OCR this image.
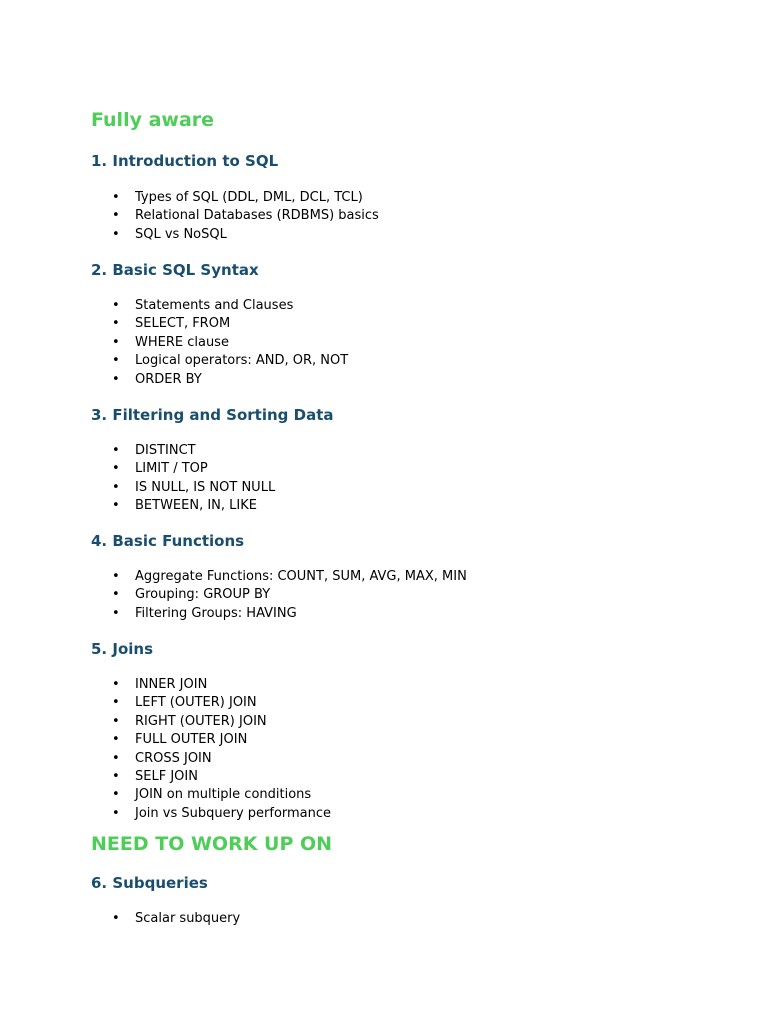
Fully aware
1. Introduction to SQL
• Types of SQL (DDL, DML, DCL, TCL)
• Relational Databases (RDBMS) basics
• SQL vs NoSQL
2. Basic SQL Syntax
• Statements and Clauses
• SELECT, FROM
• WHERE clause
• Logical operators: AND, OR, NOT
• ORDER BY
3. Filtering and Sorting Data
• DISTINCT
• LIMIT / TOP
• IS NULL, IS NOT NULL
• BETWEEN, IN, LIKE
4. Basic Functions
• Aggregate Functions: COUNT, SUM, AVG, MAX, MIN
• Grouping: GROUP BY
• Filtering Groups: HAVING
5. Joins
• INNER JOIN
• LEFT (OUTER) JOIN
• RIGHT (OUTER) JOIN
• FULL OUTER JOIN
• CROSS JOIN
• SELF JOIN
• JOIN on multiple conditions
• Join vs Subquery performance
NEED TO WORK UP ON
6. Subqueries
• Scalar subquery
